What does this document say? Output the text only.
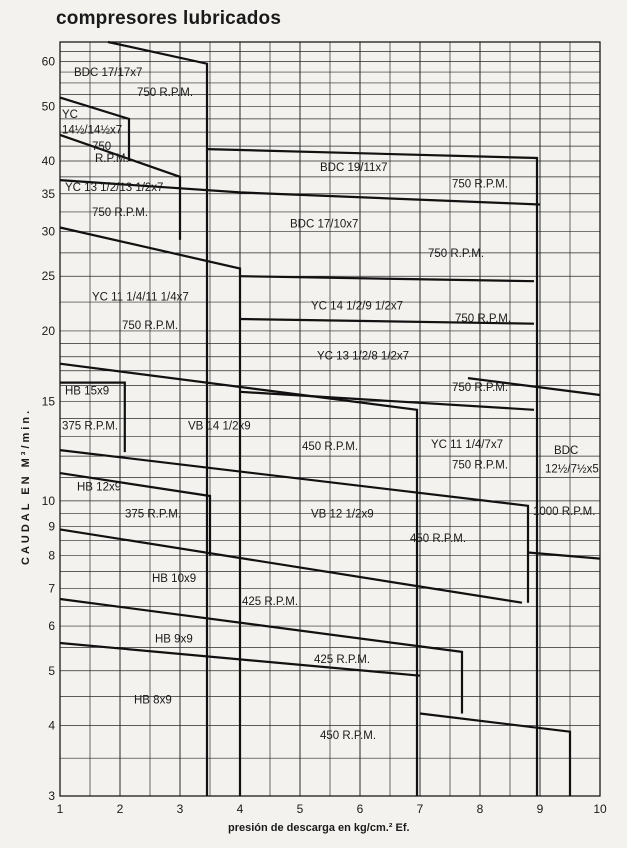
compresores lubricados
1	2	3	4	5	6	7	8	9	10
3
4
5
6
7
8
9
10
15
20
25
30
35
40
50
60
BDC 17/17x7
750 R.P.M.
YC
14½/14½x7
750
R.P.M.
BDC 19/11x7
750 R.P.M.
YC 13 1/2/13 1/2x7
750 R.P.M.
BDC 17/10x7
750 R.P.M.
YC 11 1/4/11 1/4x7
750 R.P.M.
YC 14 1/2/9 1/2x7
750 R.P.M.
YC 13 1/2/8 1/2x7
750 R.P.M.
HB 15x9
375 R.P.M.	VB 14 1/2x9
450 R.P.M.	YC 11 1/4/7x7	BDC
750 R.P.M.	12½/7½x5
HB 12x9
375 R.P.M.	VB 12 1/2x9	1000 R.P.M.
450 R.P.M.
HB 10x9
425 R.P.M.
HB 9x9
425 R.P.M.
HB 8x9
450 R.P.M.
CAUDAL EN M³/min.
presión de descarga en kg/cm.² Ef.
